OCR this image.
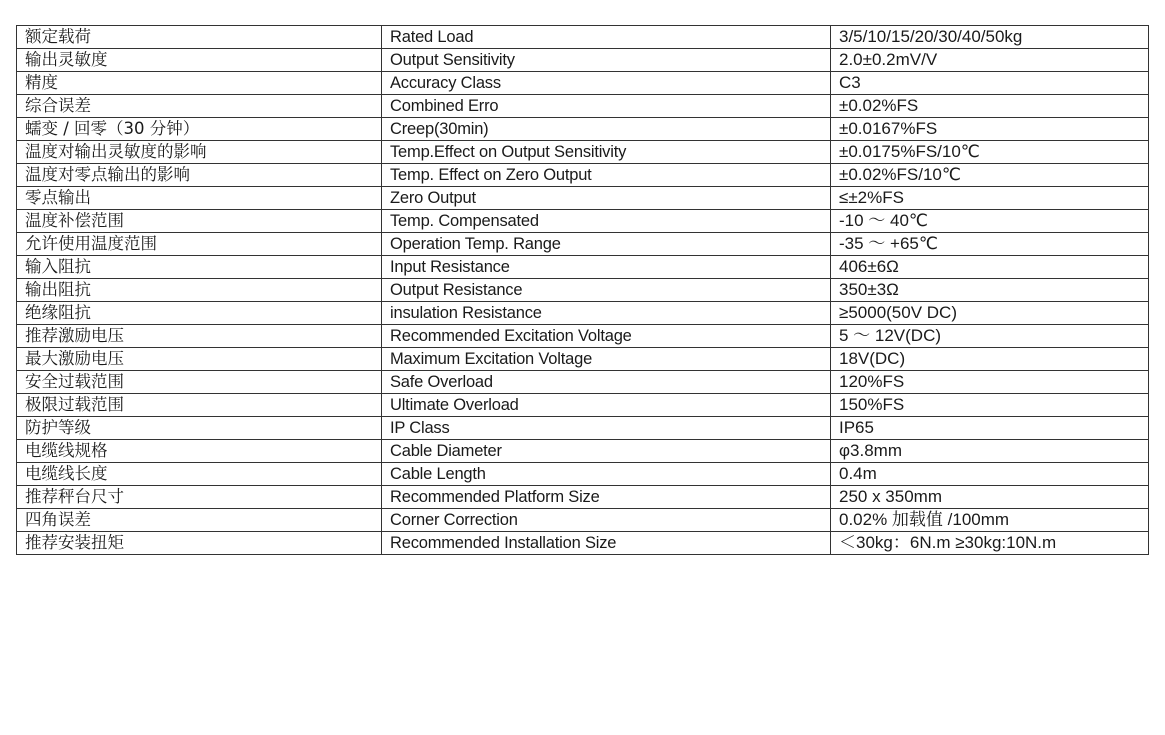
额定载荷	Rated Load	3/5/10/15/20/30/40/50kg
输出灵敏度	Output Sensitivity	2.0±0.2mV/V
精度	Accuracy Class	C3
综合误差	Combined Erro	±0.02%FS
蠕变 / 回零（30 分钟）	Creep(30min)	±0.0167%FS
温度对输出灵敏度的影响	Temp.Effect on Output Sensitivity	±0.0175%FS/10℃
温度对零点输出的影响	Temp. Effect on Zero Output	±0.02%FS/10℃
零点输出	Zero Output	≤±2%FS
温度补偿范围	Temp. Compensated	-10 ～ 40℃
允许使用温度范围	Operation Temp. Range	-35 ～ +65℃
输入阻抗	Input Resistance	406±6Ω
输出阻抗	Output Resistance	350±3Ω
绝缘阻抗	insulation Resistance	≥5000(50V DC)
推荐激励电压	Recommended Excitation Voltage	5 ～ 12V(DC)
最大激励电压	Maximum Excitation Voltage	18V(DC)
安全过载范围	Safe Overload	120%FS
极限过载范围	Ultimate Overload	150%FS
防护等级	IP Class	IP65
电缆线规格	Cable Diameter	φ3.8mm
电缆线长度	Cable Length	0.4m
推荐秤台尺寸	Recommended Platform Size	250 x 350mm
四角误差	Corner Correction	0.02% 加载值 /100mm
推荐安装扭矩	Recommended Installation Size	＜30kg：6N.m ≥30kg:10N.m
